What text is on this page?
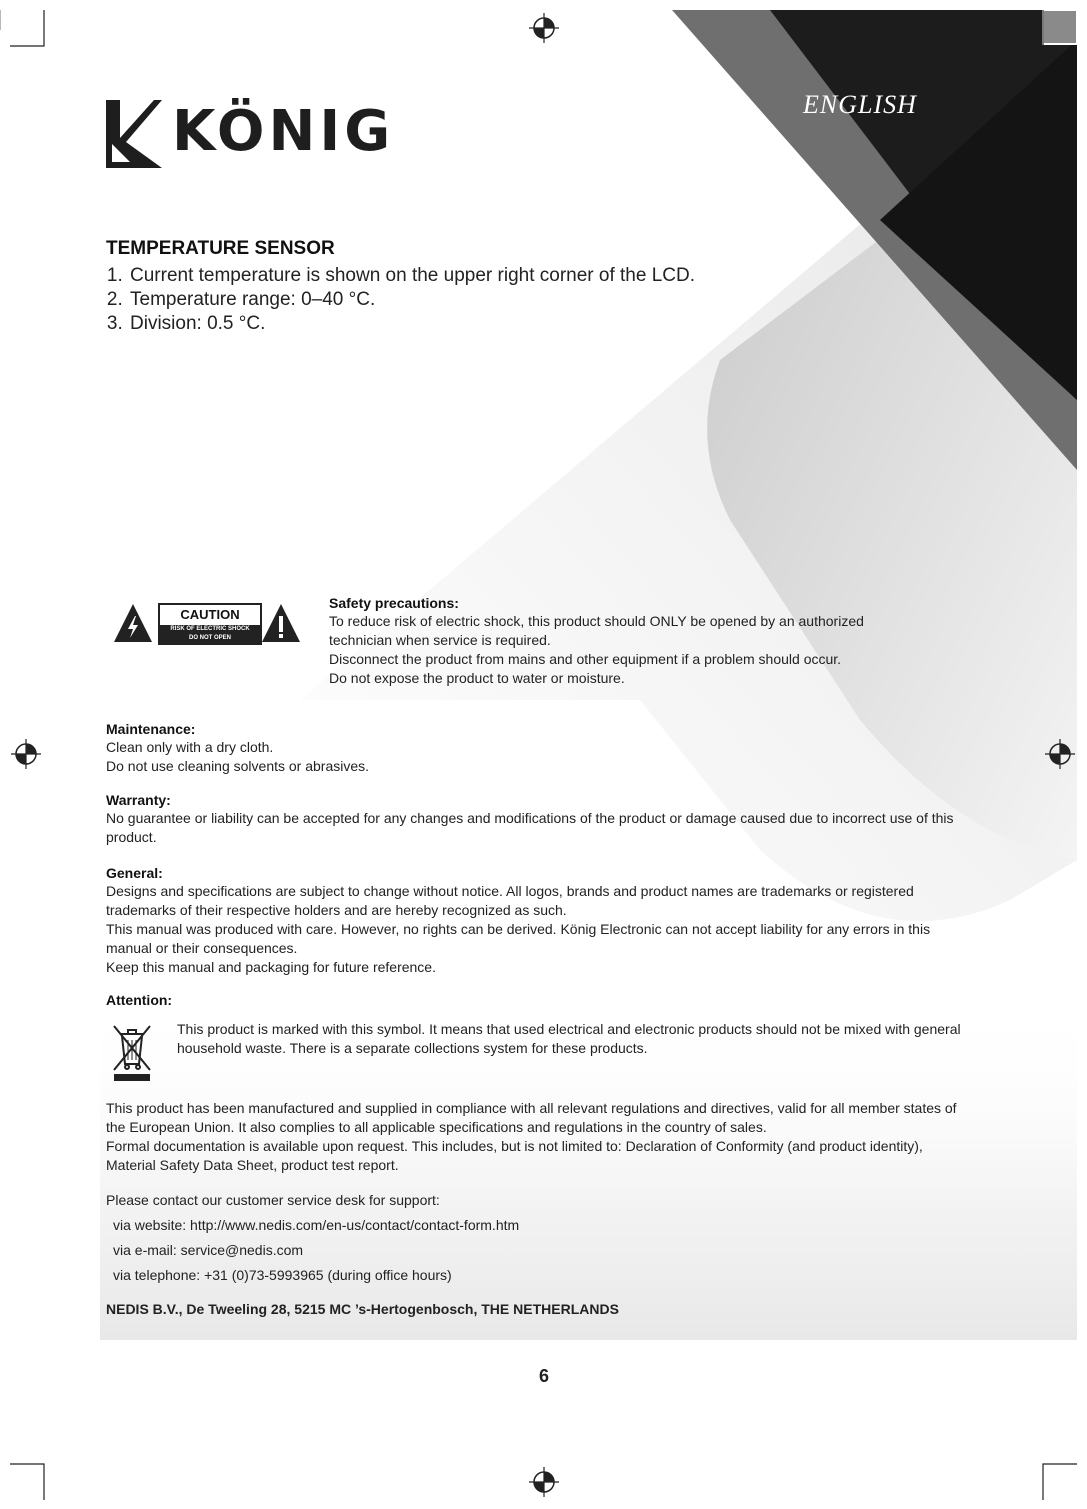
KÖNIG	ENGLISH
TEMPERATURE SENSOR
1. Current temperature is shown on the upper right corner of the LCD.
2. Temperature range: 0–40 °C.
3. Division: 0.5 °C.
CAUTION
RISK OF ELECTRIC SHOCK
DO NOT OPEN

Safety precautions:

To reduce risk of electric shock, this product should ONLY be opened by an authorized technician when service is required.

Disconnect the product from mains and other equipment if a problem should occur.

Do not expose the product to water or moisture.

Maintenance:

Clean only with a dry cloth.

Do not use cleaning solvents or abrasives.

Warranty:

No guarantee or liability can be accepted for any changes and modifications of the product or damage caused due to incorrect use of this product.

General:

Designs and specifications are subject to change without notice. All logos, brands and product names are trademarks or registered trademarks of their respective holders and are hereby recognized as such.

This manual was produced with care. However, no rights can be derived. König Electronic can not accept liability for any errors in this manual or their consequences.

Keep this manual and packaging for future reference.

Attention:

This product is marked with this symbol. It means that used electrical and electronic products should not be mixed with general household waste. There is a separate collections system for these products.

This product has been manufactured and supplied in compliance with all relevant regulations and directives, valid for all member states of the European Union. It also complies to all applicable specifications and regulations in the country of sales.

Formal documentation is available upon request. This includes, but is not limited to: Declaration of Conformity (and product identity), Material Safety Data Sheet, product test report.

Please contact our customer service desk for support:

via website: http://www.nedis.com/en-us/contact/contact-form.htm

via e-mail: service@nedis.com

via telephone: +31 (0)73-5993965 (during office hours)

NEDIS B.V., De Tweeling 28, 5215 MC ’s-Hertogenbosch, THE NETHERLANDS
6
